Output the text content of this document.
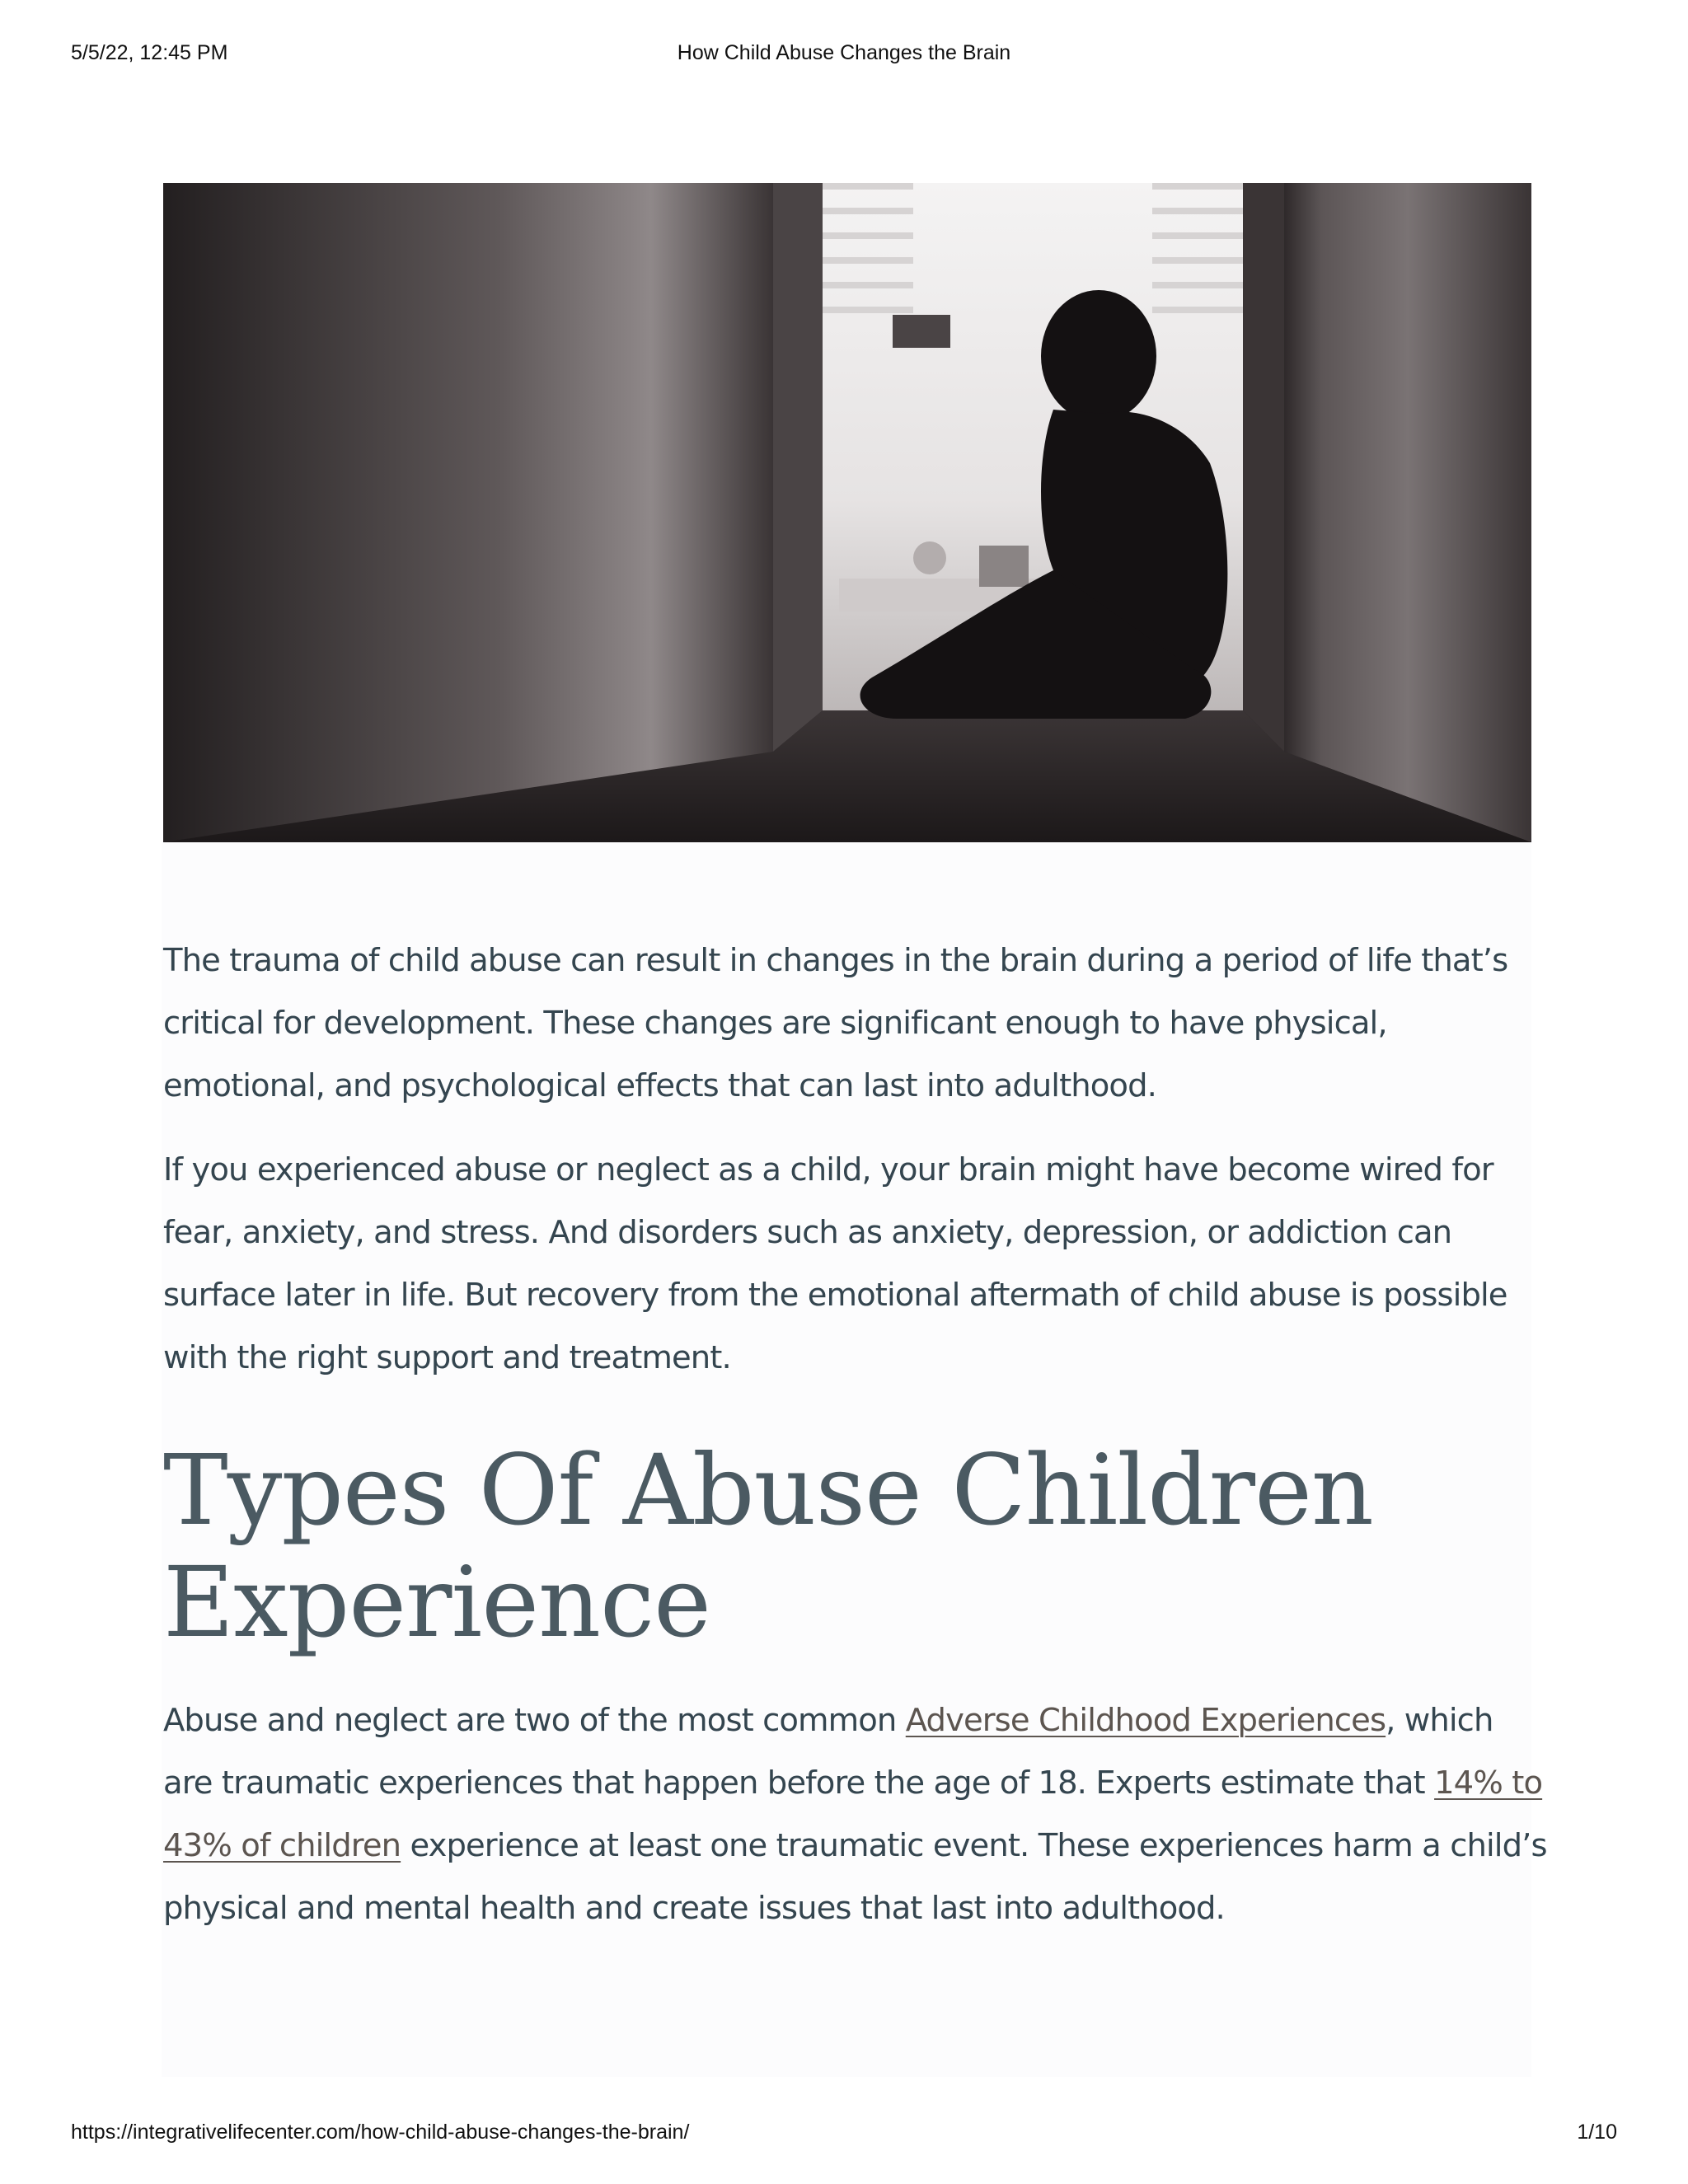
5/5/22, 12:45 PM	How Child Abuse Changes the Brain

The trauma of child abuse can result in changes in the brain during a period of life that’s critical for development. These changes are significant enough to have physical, emotional, and psychological effects that can last into adulthood.

If you experienced abuse or neglect as a child, your brain might have become wired for fear, anxiety, and stress. And disorders such as anxiety, depression, or addiction can surface later in life. But recovery from the emotional aftermath of child abuse is possible with the right support and treatment.

Types Of Abuse Children Experience

Abuse and neglect are two of the most common Adverse Childhood Experiences, which are traumatic experiences that happen before the age of 18. Experts estimate that 14% to 43% of children experience at least one traumatic event. These experiences harm a child’s physical and mental health and create issues that last into adulthood.

https://integrativelifecenter.com/how-child-abuse-changes-the-brain/	1/10
